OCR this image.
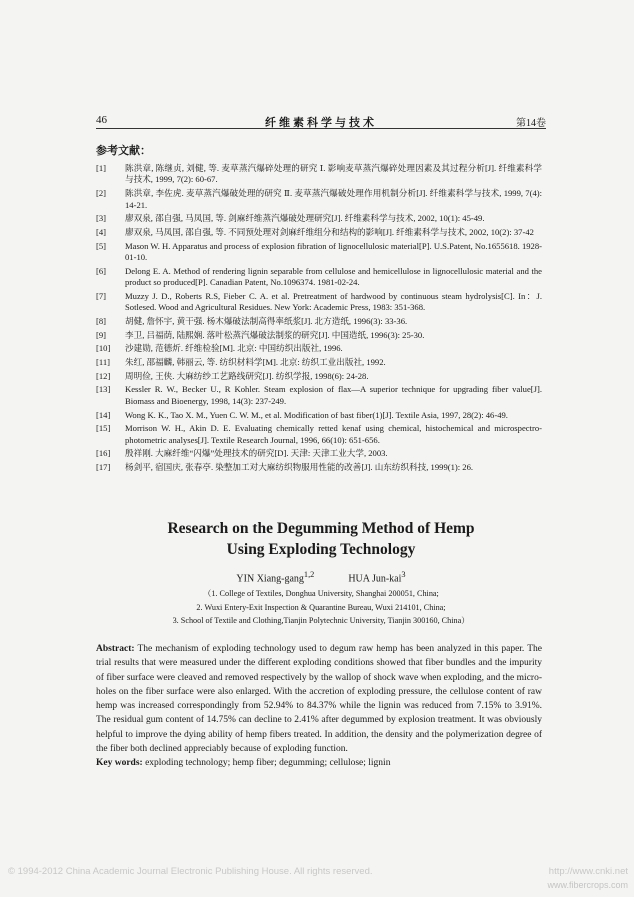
46	纤维素科学与技术	第14卷
参考文献：
[1] 陈洪章, 陈继贞, 刘健, 等. 麦草蒸汽爆碎处理的研究 Ⅰ. 影响麦草蒸汽爆碎处理因素及其过程分析[J]. 纤维素科学与技术, 1999, 7(2): 60-67.
[2] 陈洪章, 李佐虎. 麦草蒸汽爆破处理的研究 Ⅱ. 麦草蒸汽爆破处理作用机制分析[J]. 纤维素科学与技术, 1999, 7(4): 14-21.
[3] 廖双泉, 邵自强, 马凤国, 等. 剑麻纤维蒸汽爆破处理研究[J]. 纤维素科学与技术, 2002, 10(1): 45-49.
[4] 廖双泉, 马凤国, 邵自强, 等. 不同预处理对剑麻纤维组分和结构的影响[J]. 纤维素科学与技术, 2002, 10(2): 37-42
[5] Mason W. H. Apparatus and process of explosion fibration of lignocellulosic material[P]. U.S.Patent, No.1655618. 1928-01-10.
[6] Delong E. A. Method of rendering lignin separable from cellulose and hemicellulose in lignocellulosic material and the product so produced[P]. Canadian Patent, No.1096374. 1981-02-24.
[7] Muzzy J. D., Roberts R.S, Fieber C. A. et al. Pretreatment of hardwood by continuous steam hydrolysis[C]. In：J. Sotlesed. Wood and Agricultural Residues. New York: Academic Press, 1983: 351-368.
[8] 胡健, 詹怀宇, 黄干强. 杨木爆破法制高得率纸浆[J]. 北方造纸, 1996(3): 33-36.
[9] 李卫, 吕福荫, 陆熙娴. 落叶松蒸汽爆破法制浆的研究[J]. 中国造纸, 1996(3): 25-30.
[10] 沙建勋, 范德炘. 纤维检验[M]. 北京: 中国纺织出版社, 1996.
[11] 朱红, 邵福麟, 韩丽云, 等. 纺织材料学[M]. 北京: 纺织工业出版社, 1992.
[12] 周明俭, 王侠. 大麻纺纱工艺路线研究[J]. 纺织学报, 1998(6): 24-28.
[13] Kessler R. W., Becker U., R Kohler. Steam explosion of flax—A superior technique for upgrading fiber value[J]. Biomass and Bioenergy, 1998, 14(3): 237-249.
[14] Wong K. K., Tao X. M., Yuen C. W. M., et al. Modification of bast fiber(1)[J]. Textile Asia, 1997, 28(2): 46-49.
[15] Morrison W. H., Akin D. E. Evaluating chemically retted kenaf using chemical, histochemical and microspectro-photometric analyses[J]. Textile Research Journal, 1996, 66(10): 651-656.
[16] 殷祥刚. 大麻纤维“闪爆”处理技术的研究[D]. 天津: 天津工业大学, 2003.
[17] 杨剑平, 宿国庆, 张春亭. 染整加工对大麻纺织物服用性能的改善[J]. 山东纺织科技, 1999(1): 26.
Research on the Degumming Method of Hemp
Using Exploding Technology
YIN Xiang-gang$^{1,2}$	HUA Jun-kai$^3$
（1. College of Textiles, Donghua University, Shanghai 200051, China;
2. Wuxi Entery-Exit Inspection & Quarantine Bureau, Wuxi 214101, China;
3. School of Textile and Clothing,Tianjin Polytechnic University, Tianjin 300160, China）
Abstract: The mechanism of exploding technology used to degum raw hemp has been analyzed in this paper. The trial results that were measured under the different exploding conditions showed that fiber bundles and the impurity of fiber surface were cleaved and removed respectively by the wallop of shock wave when exploding, and the micro-holes on the fiber surface were also enlarged. With the accretion of exploding pressure, the cellulose content of raw hemp was increased correspondingly from 52.94% to 84.37% while the lignin was reduced from 7.15% to 3.91%. The residual gum content of 14.75% can decline to 2.41% after degummed by explosion treatment. It was obviously helpful to improve the dying ability of hemp fibers treated. In addition, the density and the polymerization degree of the fiber both declined appreciably because of exploding function.
Key words: exploding technology; hemp fiber; degumming; cellulose; lignin
© 1994-2012 China Academic Journal Electronic Publishing House. All rights reserved.	http://www.cnki.net
www.fibercrops.com
